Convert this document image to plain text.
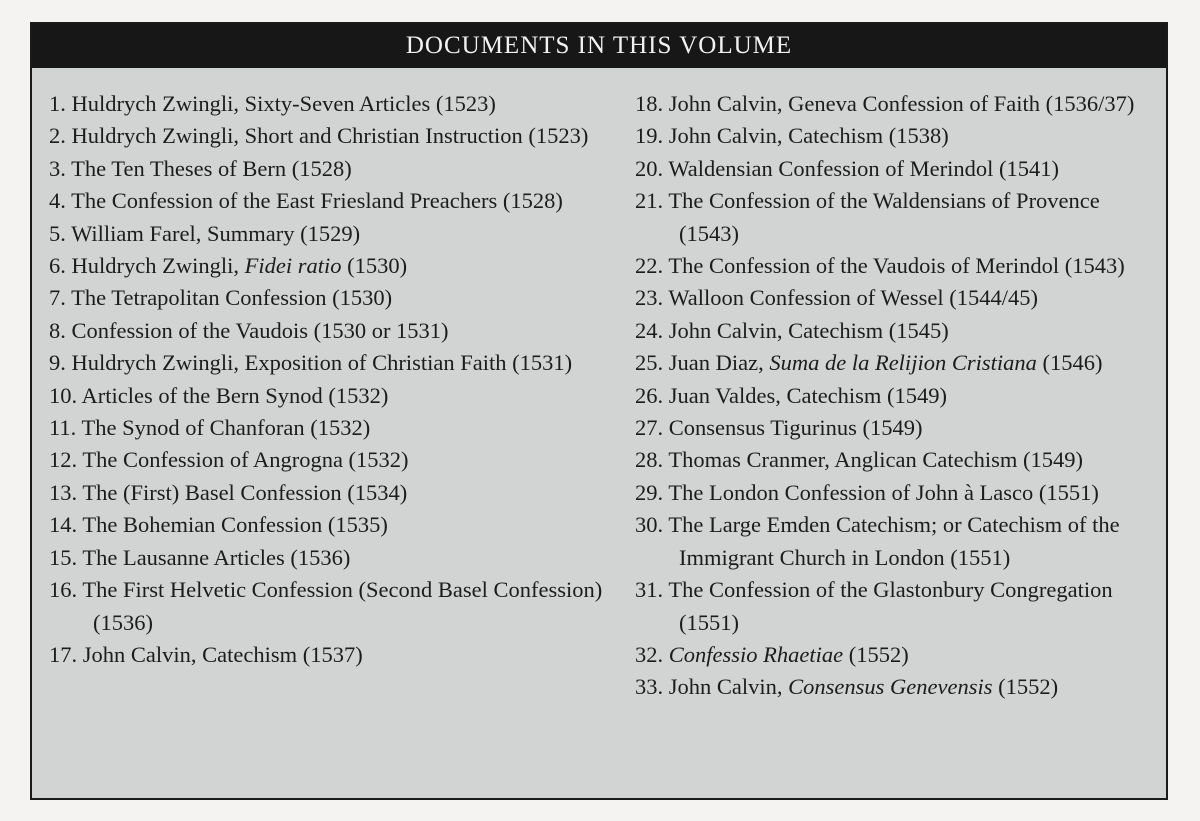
DOCUMENTS IN THIS VOLUME
1. Huldrych Zwingli, Sixty-Seven Articles (1523)
2. Huldrych Zwingli, Short and Christian Instruction (1523)
3. The Ten Theses of Bern (1528)
4. The Confession of the East Friesland Preachers (1528)
5. William Farel, Summary (1529)
6. Huldrych Zwingli, Fidei ratio (1530)
7. The Tetrapolitan Confession (1530)
8. Confession of the Vaudois (1530 or 1531)
9. Huldrych Zwingli, Exposition of Christian Faith (1531)
10. Articles of the Bern Synod (1532)
11. The Synod of Chanforan (1532)
12. The Confession of Angrogna (1532)
13. The (First) Basel Confession (1534)
14. The Bohemian Confession (1535)
15. The Lausanne Articles (1536)
16. The First Helvetic Confession (Second Basel Confession) (1536)
17. John Calvin, Catechism (1537)
18. John Calvin, Geneva Confession of Faith (1536/37)
19. John Calvin, Catechism (1538)
20. Waldensian Confession of Merindol (1541)
21. The Confession of the Waldensians of Provence (1543)
22. The Confession of the Vaudois of Merindol (1543)
23. Walloon Confession of Wessel (1544/45)
24. John Calvin, Catechism (1545)
25. Juan Diaz, Suma de la Relijion Cristiana (1546)
26. Juan Valdes, Catechism (1549)
27. Consensus Tigurinus (1549)
28. Thomas Cranmer, Anglican Catechism (1549)
29. The London Confession of John à Lasco (1551)
30. The Large Emden Catechism; or Catechism of the Immigrant Church in London (1551)
31. The Confession of the Glastonbury Congregation (1551)
32. Confessio Rhaetiae (1552)
33. John Calvin, Consensus Genevensis (1552)
